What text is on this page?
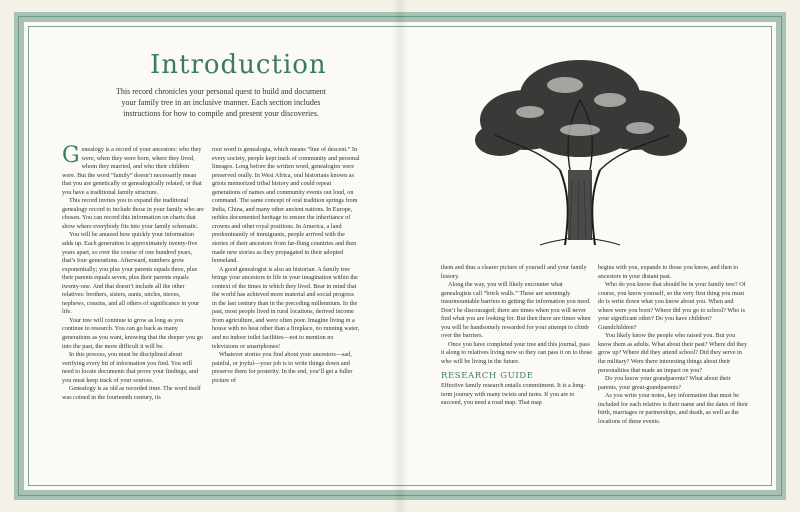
Introduction
This record chronicles your personal quest to build and document your family tree in an inclusive manner. Each section includes instructions for how to compile and present your discoveries.

Genealogy is a record of your ancestors: who they were, when they were born, where they lived, whom they married, and who their children were. But the word “family” doesn’t necessarily mean that you are genetically or genealogically related, or that you have a traditional family structure.

This record invites you to expand the traditional genealogy record to include those in your family who are chosen. You can record this information on charts that show where everybody fits into your family schematic.

You will be amazed how quickly your information adds up. Each generation is approximately twenty-five years apart, so over the course of one hundred years, that’s four generations. Afterward, numbers grow exponentially; you plus your parents equals three, plus their parents equals seven, plus their parents equals twenty-one. And that doesn’t include all the other relatives: brothers, sisters, aunts, uncles, nieces, nephews, cousins, and all others of significance in your life.

Your tree will continue to grow as long as you continue to research. You can go back as many generations as you want, knowing that the deeper you go into the past, the more difficult it will be.

In this process, you must be disciplined about verifying every bit of information you find. You will need to locate documents that prove your findings, and you must keep track of your sources.

Genealogy is as old as recorded time. The word itself was coined in the fourteenth century, its

root word is genealogia, which means “line of descent.” In every society, people kept track of community and personal lineages. Long before the written word, genealogies were preserved orally. In West Africa, oral historians known as griots memorized tribal history and could repeat generations of names and community events out loud, on command. The same concept of oral tradition springs from India, China, and many other ancient nations. In Europe, nobles documented heritage to ensure the inheritance of crowns and other royal positions. In America, a land predominantly of immigrants, people arrived with the stories of their ancestors from far-flung countries and then made new stories as they propagated in their adopted homeland.

A good genealogist is also an historian. A family tree brings your ancestors to life in your imagination within the context of the times in which they lived. Bear in mind that the world has achieved more material and social progress in the last century than in the preceding millennium. In the past, most people lived in rural locations, derived income from agriculture, and were often poor. Imagine living in a house with no heat other than a fireplace, no running water, and no indoor toilet facilities—not to mention no televisions or smartphones!

Whatever stories you find about your ancestors—sad, painful, or joyful—your job is to write things down and preserve them for posterity. In the end, you’ll get a fuller picture of

them and thus a clearer picture of yourself and your family history.

Along the way, you will likely encounter what genealogists call “brick walls.” These are seemingly insurmountable barriers to getting the information you need. Don’t be discouraged; there are times when you will never find what you are looking for. But then there are times when you will be handsomely rewarded for your attempt to climb over the barriers.

Once you have completed your tree and this journal, pass it along to relatives living now so they can pass it on to those who will be living in the future.

RESEARCH GUIDE

Effective family research entails commitment. It is a long-term journey with many twists and turns. If you are to succeed, you need a road map. That map

begins with you, expands to those you know, and then to ancestors in your distant past.

Who do you know that should be in your family tree? Of course, you know yourself, so the very first thing you must do is write down what you know about you. When and where were you born? Where did you go to school? Who is your significant other? Do you have children? Grandchildren?

You likely know the people who raised you. But you know them as adults. What about their past? Where did they grow up? Where did they attend school? Did they serve in the military? Were there interesting things about their personalities that made an impact on you?

Do you know your grandparents? What about their parents, your great-grandparents?

As you write your notes, key information that must be included for each relative is their name and the dates of their birth, marriages or partnerships, and death, as well as the locations of these events.
